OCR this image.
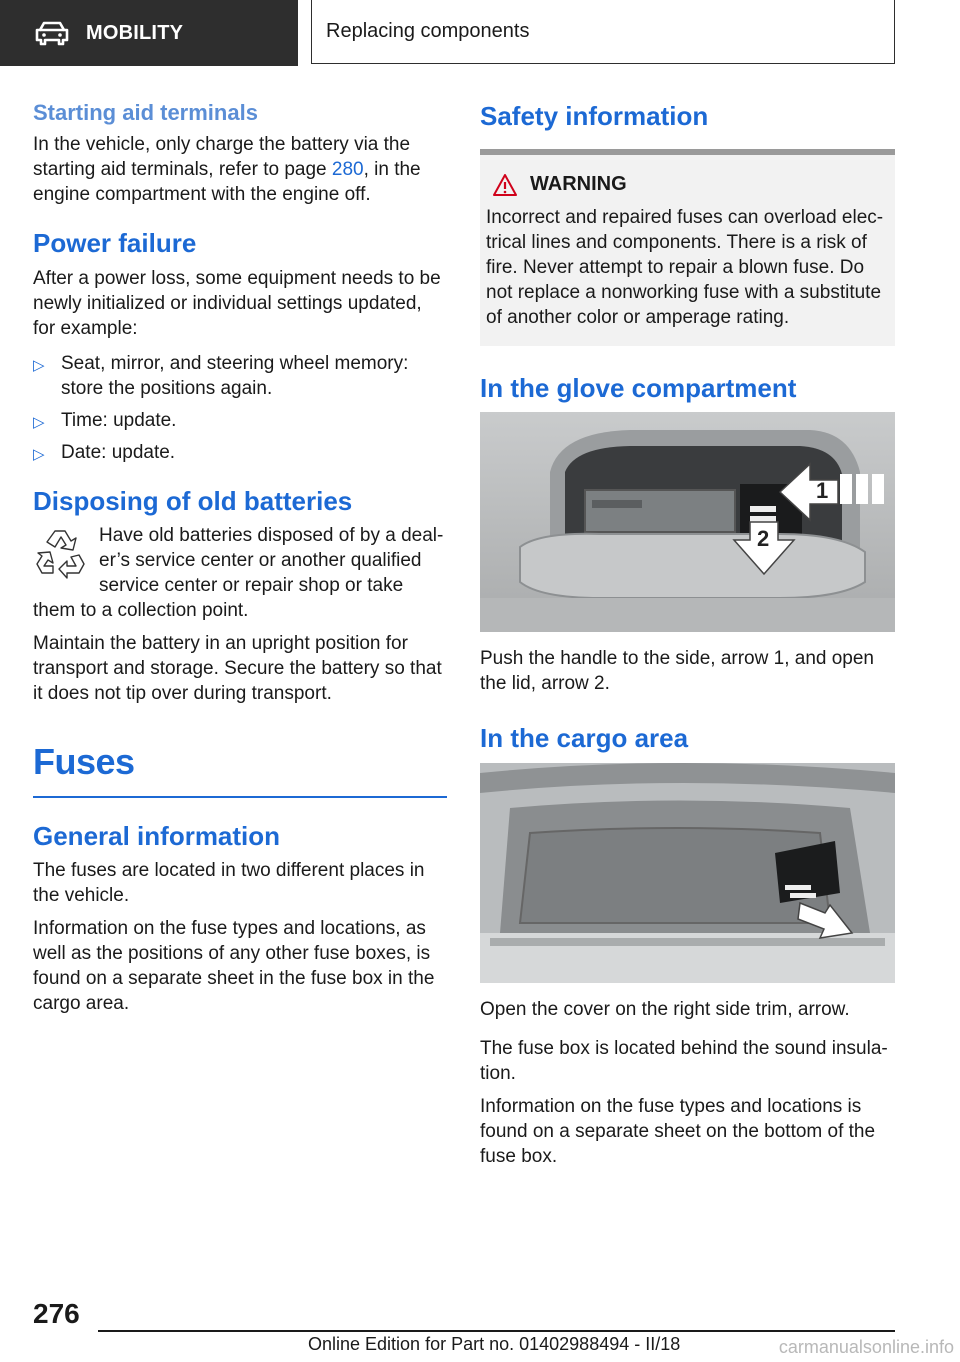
MOBILITY	Replacing components
Starting aid terminals

In the vehicle, only charge the battery via the starting aid terminals, refer to page 280, in the engine compartment with the engine off.

Power failure

After a power loss, some equipment needs to be newly initialized or individual settings updated, for example:

▷ Seat, mirror, and steering wheel memory: store the positions again.
▷ Time: update.
▷ Date: update.
Disposing of old batteries

Have old batteries disposed of by a dealer’s service center or another qualified service center or repair shop or take them to a collection point.

Maintain the battery in an upright position for transport and storage. Secure the battery so that it does not tip over during transport.

Fuses
General information

The fuses are located in two different places in the vehicle.

Information on the fuse types and locations, as well as the positions of any other fuse boxes, is found on a separate sheet in the fuse box in the cargo area.

Safety information
WARNING

Incorrect and repaired fuses can overload electrical lines and components. There is a risk of fire. Never attempt to repair a blown fuse. Do not replace a nonworking fuse with a substitute of another color or amperage rating.

In the glove compartment
1
2

Push the handle to the side, arrow 1, and open the lid, arrow 2.

In the cargo area

Open the cover on the right side trim, arrow.

The fuse box is located behind the sound insulation.

Information on the fuse types and locations is found on a separate sheet on the bottom of the fuse box.

276
Online Edition for Part no. 01402988494 - II/18	carmanualsonline.info
